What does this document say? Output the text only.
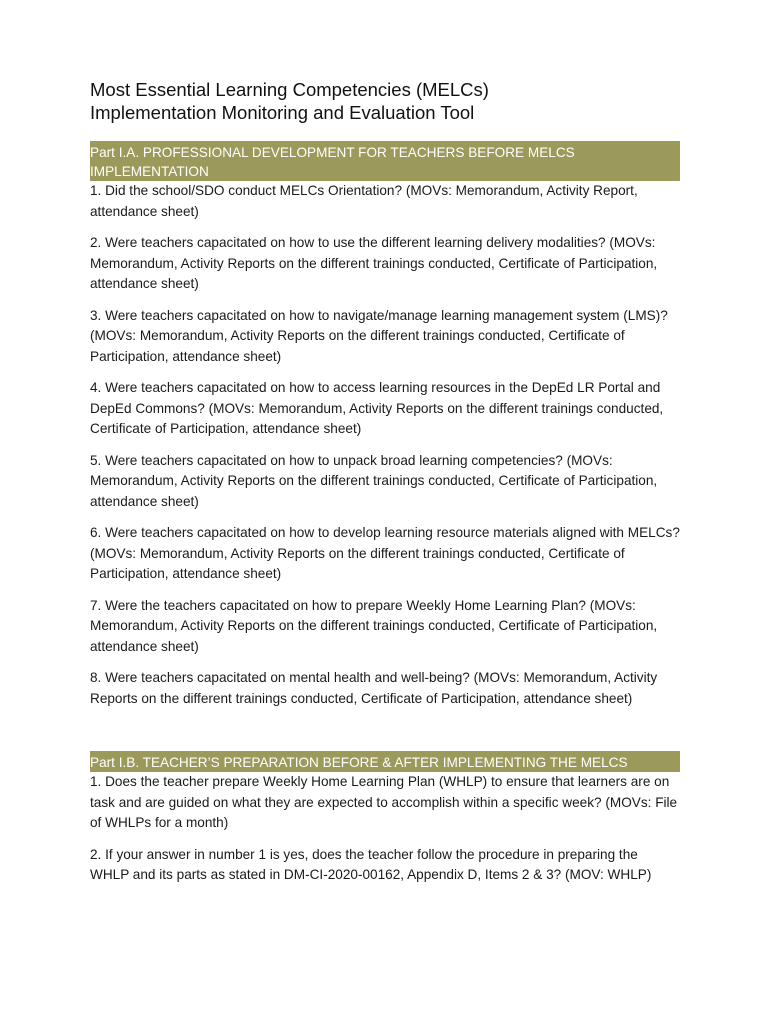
Most Essential Learning Competencies (MELCs)
Implementation Monitoring and Evaluation Tool
Part I.A. PROFESSIONAL DEVELOPMENT FOR TEACHERS BEFORE MELCS IMPLEMENTATION

1. Did the school/SDO conduct MELCs Orientation? (MOVs: Memorandum, Activity Report, attendance sheet)

2. Were teachers capacitated on how to use the different learning delivery modalities? (MOVs: Memorandum, Activity Reports on the different trainings conducted, Certificate of Participation, attendance sheet)

3. Were teachers capacitated on how to navigate/manage learning management system (LMS)? (MOVs: Memorandum, Activity Reports on the different trainings conducted, Certificate of Participation, attendance sheet)

4. Were teachers capacitated on how to access learning resources in the DepEd LR Portal and DepEd Commons? (MOVs: Memorandum, Activity Reports on the different trainings conducted, Certificate of Participation, attendance sheet)

5. Were teachers capacitated on how to unpack broad learning competencies? (MOVs: Memorandum, Activity Reports on the different trainings conducted, Certificate of Participation, attendance sheet)

6. Were teachers capacitated on how to develop learning resource materials aligned with MELCs? (MOVs: Memorandum, Activity Reports on the different trainings conducted, Certificate of Participation, attendance sheet)

7. Were the teachers capacitated on how to prepare Weekly Home Learning Plan? (MOVs: Memorandum, Activity Reports on the different trainings conducted, Certificate of Participation, attendance sheet)

8. Were teachers capacitated on mental health and well-being? (MOVs: Memorandum, Activity Reports on the different trainings conducted, Certificate of Participation, attendance sheet)

Part I.B. TEACHER’S PREPARATION BEFORE & AFTER IMPLEMENTING THE MELCS

1. Does the teacher prepare Weekly Home Learning Plan (WHLP) to ensure that learners are on task and are guided on what they are expected to accomplish within a specific week? (MOVs: File of WHLPs for a month)

2. If your answer in number 1 is yes, does the teacher follow the procedure in preparing the WHLP and its parts as stated in DM-CI-2020-00162, Appendix D, Items 2 & 3? (MOV: WHLP)
